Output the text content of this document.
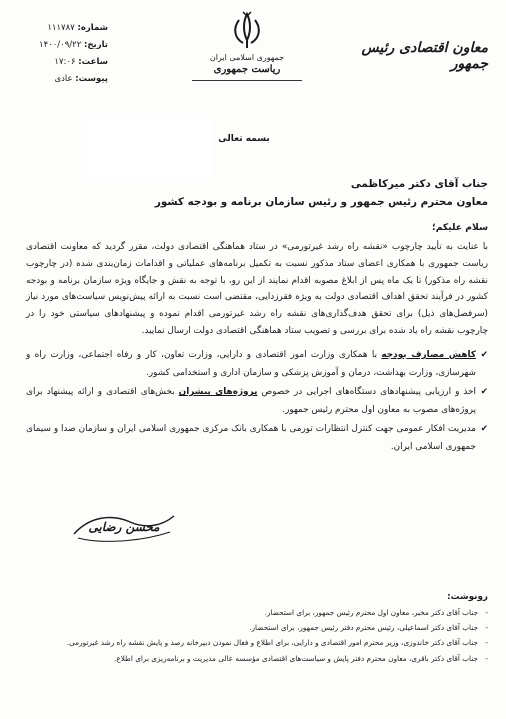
شماره: ۱۱۱۷۸۷
تاریخ: ۱۴۰۰/۰۹/۲۲
ساعت: ۱۷:۰۶
پیوست: عادی
جمهوری اسلامی ایران
ریاست جمهوری
معاون اقتصادی رئیس جمهور
بسمه تعالی
جناب آقای دکتر میرکاظمی
معاون محترم رئیس جمهور و رئیس سازمان برنامه و بودجه کشور
سلام علیکم؛

با عنایت به تأیید چارچوب «نقشه راه رشد غیرتورمی» در ستاد هماهنگی اقتصادی دولت، مقرر گردید که معاونت اقتصادی ریاست جمهوری با همکاری اعضای ستاد مذکور نسبت به تکمیل برنامه‌های عملیاتی و اقدامات زمان‌بندی شده (در چارچوب نقشه راه مذکور) تا یک ماه پس از ابلاغ مصوبه اقدام نمایند از این رو، با توجه به نقش و جایگاه ویژه سازمان برنامه و بودجه کشور در فرآیند تحقق اهداف اقتصادی دولت به ویژه فقرزدایی، مقتضی است نسبت به ارائه پیش‌نویس سیاست‌های مورد نیاز (سرفصل‌های ذیل) برای تحقق هدف‌گذاری‌های نقشه راه رشد غیرتورمی اقدام نموده و پیشنهادهای سیاستی خود را در چارچوب نقشه راه یاد شده برای بررسی و تصویب ستاد هماهنگی اقتصادی دولت ارسال نمایید.

✔
کاهش مصارف بودجه با همکاری وزارت امور اقتصادی و دارایی، وزارت تعاون، کار و رفاه اجتماعی، وزارت راه و شهرسازی، وزارت بهداشت، درمان و آموزش پزشکی و سازمان اداری و استخدامی کشور.
✔
اخذ و ارزیابی پیشنهادهای دستگاه‌های اجرایی در خصوص پروژه‌های پیشران بخش‌های اقتصادی و ارائه پیشنهاد برای پروژه‌های مصوب به معاون اول محترم رئیس جمهور.
✔
مدیریت افکار عمومی جهت کنترل انتظارات تورمی با همکاری بانک مرکزی جمهوری اسلامی ایران و سازمان صدا و سیمای جمهوری اسلامی ایران.
محسن رضایی
رونوشت:
- جناب آقای دکتر مخبر، معاون اول محترم رئیس جمهور، برای استحضار.
- جناب آقای دکتر اسماعیلی، رئیس محترم دفتر رئیس جمهور، برای استحضار.
- جناب آقای دکتر خاندوزی، وزیر محترم امور اقتصادی و دارایی، برای اطلاع و فعال نمودن دبیرخانه رصد و پایش نقشه راه رشد غیرتورمی.
- جناب آقای دکتر باقری، معاون محترم دفتر پایش و سیاست‌های اقتصادی مؤسسه عالی مدیریت و برنامه‌ریزی برای اطلاع.
